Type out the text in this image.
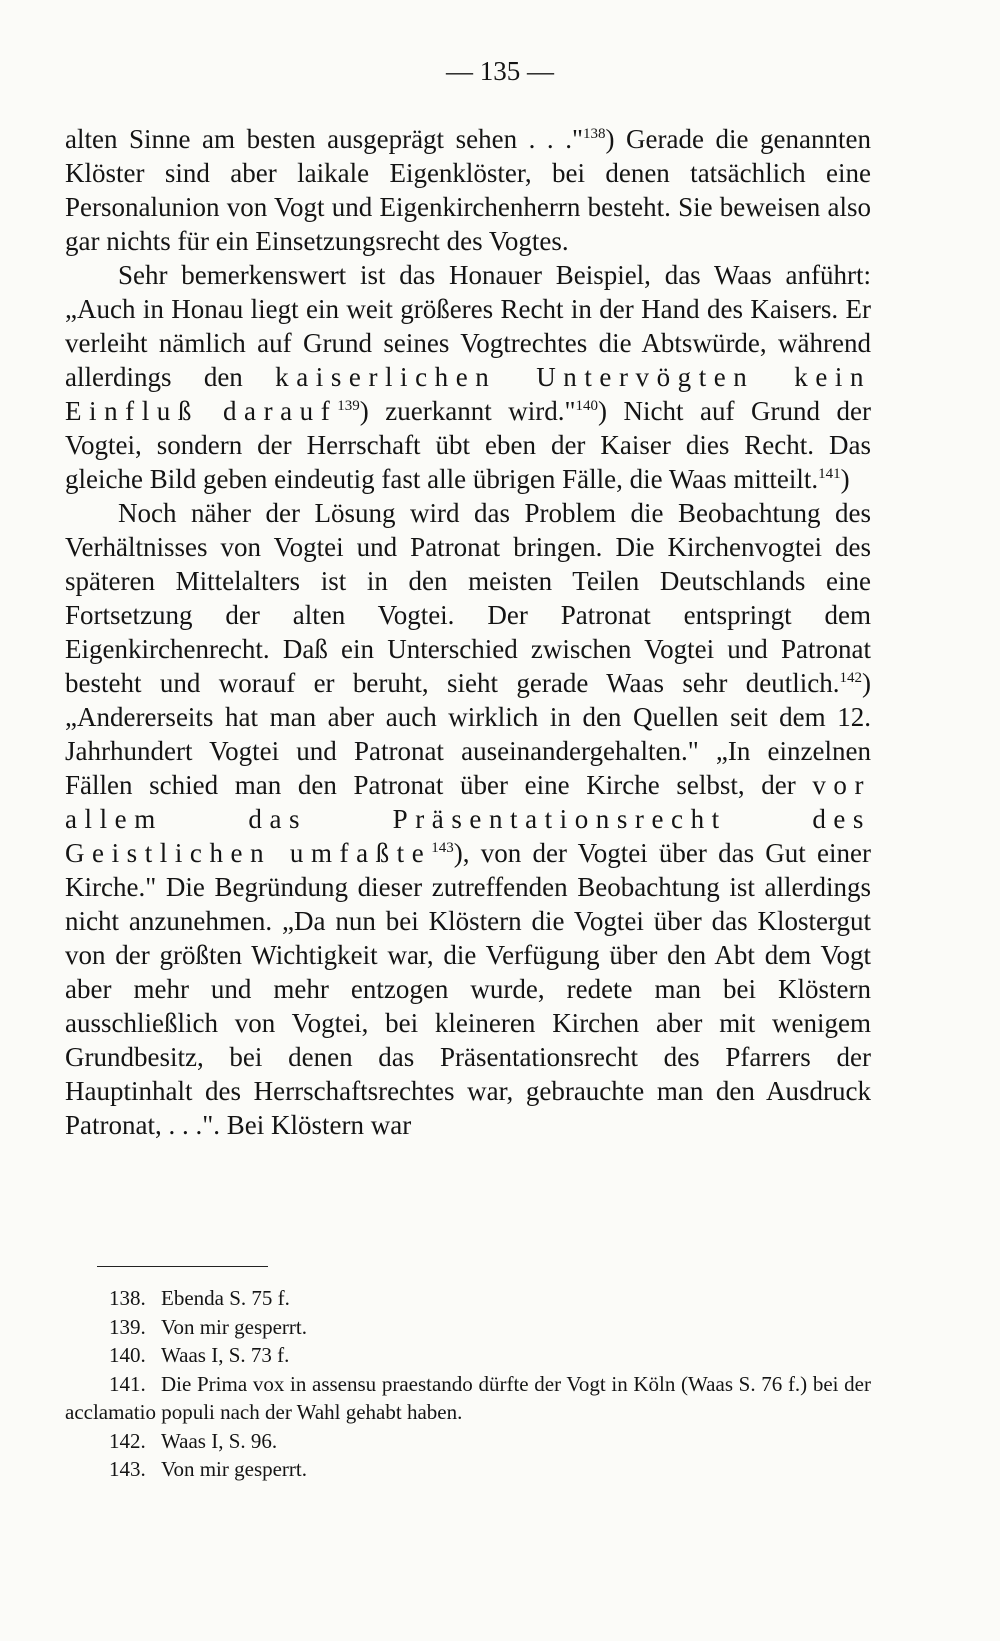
— 135 —

alten Sinne am besten ausgeprägt sehen . . ."$^{138}$) Gerade die genannten Klöster sind aber laikale Eigenklöster, bei denen tatsächlich eine Personalunion von Vogt und Eigenkirchenherrn besteht. Sie beweisen also gar nichts für ein Einsetzungsrecht des Vogtes.

Sehr bemerkenswert ist das Honauer Beispiel, das Waas anführt: „Auch in Honau liegt ein weit größeres Recht in der Hand des Kaisers. Er verleiht nämlich auf Grund seines Vogtrechtes die Abtswürde, während allerdings den kaiserlichen Untervögten kein Einfluß darauf$^{139}$) zuerkannt wird."$^{140}$) Nicht auf Grund der Vogtei, sondern der Herrschaft übt eben der Kaiser dies Recht. Das gleiche Bild geben eindeutig fast alle übrigen Fälle, die Waas mitteilt.$^{141}$)

Noch näher der Lösung wird das Problem die Beobachtung des Verhältnisses von Vogtei und Patronat bringen. Die Kirchenvogtei des späteren Mittelalters ist in den meisten Teilen Deutschlands eine Fortsetzung der alten Vogtei. Der Patronat entspringt dem Eigenkirchenrecht. Daß ein Unterschied zwischen Vogtei und Patronat besteht und worauf er beruht, sieht gerade Waas sehr deutlich.$^{142}$) „Andererseits hat man aber auch wirklich in den Quellen seit dem 12. Jahrhundert Vogtei und Patronat auseinandergehalten." „In einzelnen Fällen schied man den Patronat über eine Kirche selbst, der vor allem das Präsentationsrecht des Geistlichen umfaßte$^{143}$), von der Vogtei über das Gut einer Kirche." Die Begründung dieser zutreffenden Beobachtung ist allerdings nicht anzunehmen. „Da nun bei Klöstern die Vogtei über das Klostergut von der größten Wichtigkeit war, die Verfügung über den Abt dem Vogt aber mehr und mehr entzogen wurde, redete man bei Klöstern ausschließlich von Vogtei, bei kleineren Kirchen aber mit wenigem Grundbesitz, bei denen das Präsentationsrecht des Pfarrers der Hauptinhalt des Herrschaftsrechtes war, gebrauchte man den Ausdruck Patronat, . . .". Bei Klöstern war

138. Ebenda S. 75 f.
139. Von mir gesperrt.
140. Waas I, S. 73 f.
141. Die Prima vox in assensu praestando dürfte der Vogt in Köln (Waas S. 76 f.) bei der acclamatio populi nach der Wahl gehabt haben.
142. Waas I, S. 96.
143. Von mir gesperrt.
